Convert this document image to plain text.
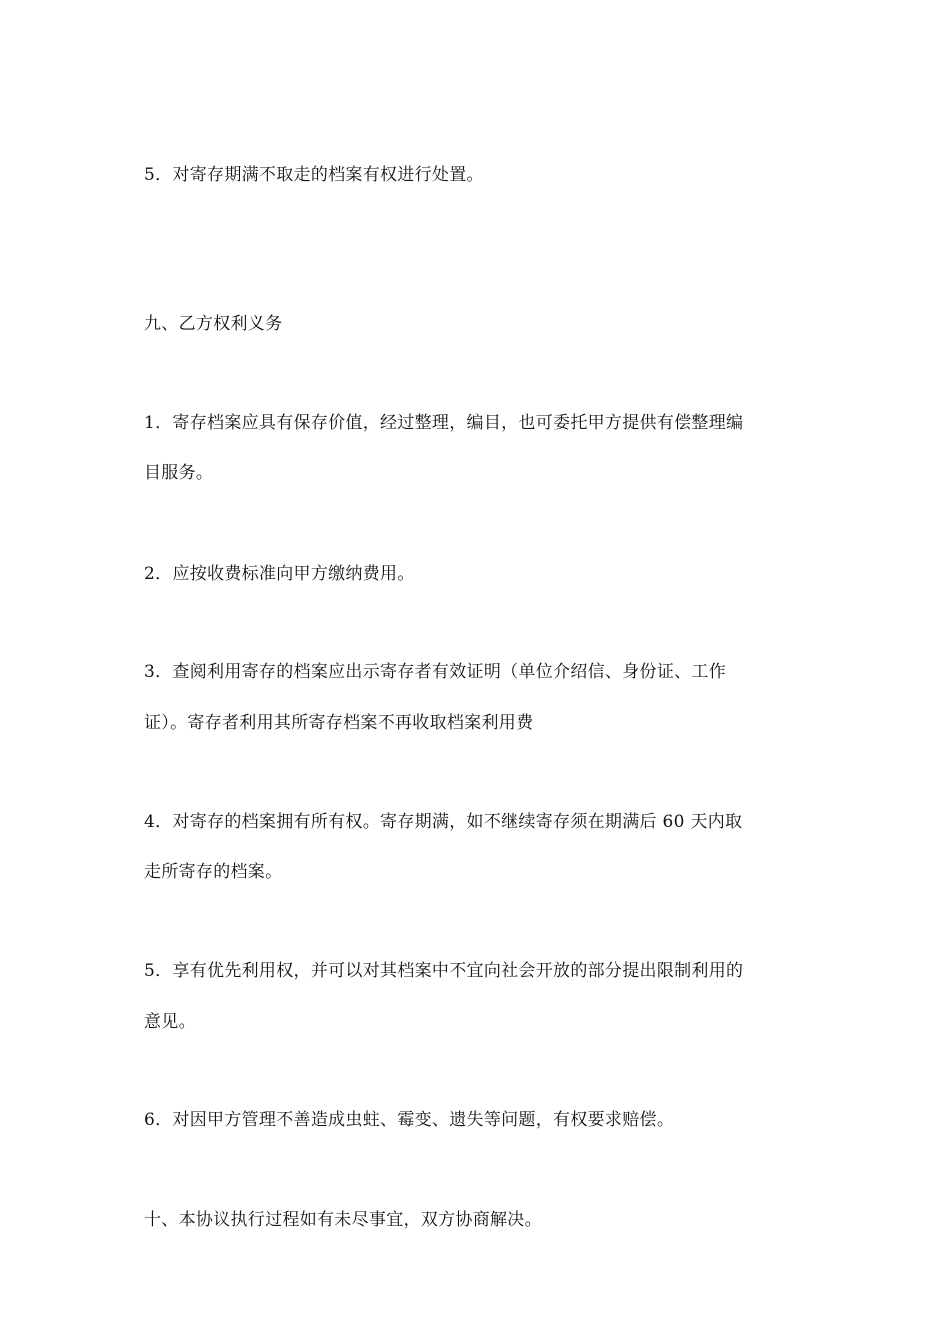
5．对寄存期满不取走的档案有权进行处置。
九、乙方权利义务
1．寄存档案应具有保存价值，经过整理，编目，也可委托甲方提供有偿整理编
目服务。
2．应按收费标准向甲方缴纳费用。
3．查阅利用寄存的档案应出示寄存者有效证明（单位介绍信、身份证、工作
证）。寄存者利用其所寄存档案不再收取档案利用费
4．对寄存的档案拥有所有权。寄存期满，如不继续寄存须在期满后 60 天内取
走所寄存的档案。
5．享有优先利用权，并可以对其档案中不宜向社会开放的部分提出限制利用的
意见。
6．对因甲方管理不善造成虫蛀、霉变、遗失等问题，有权要求赔偿。
十、本协议执行过程如有未尽事宜，双方协商解决。
